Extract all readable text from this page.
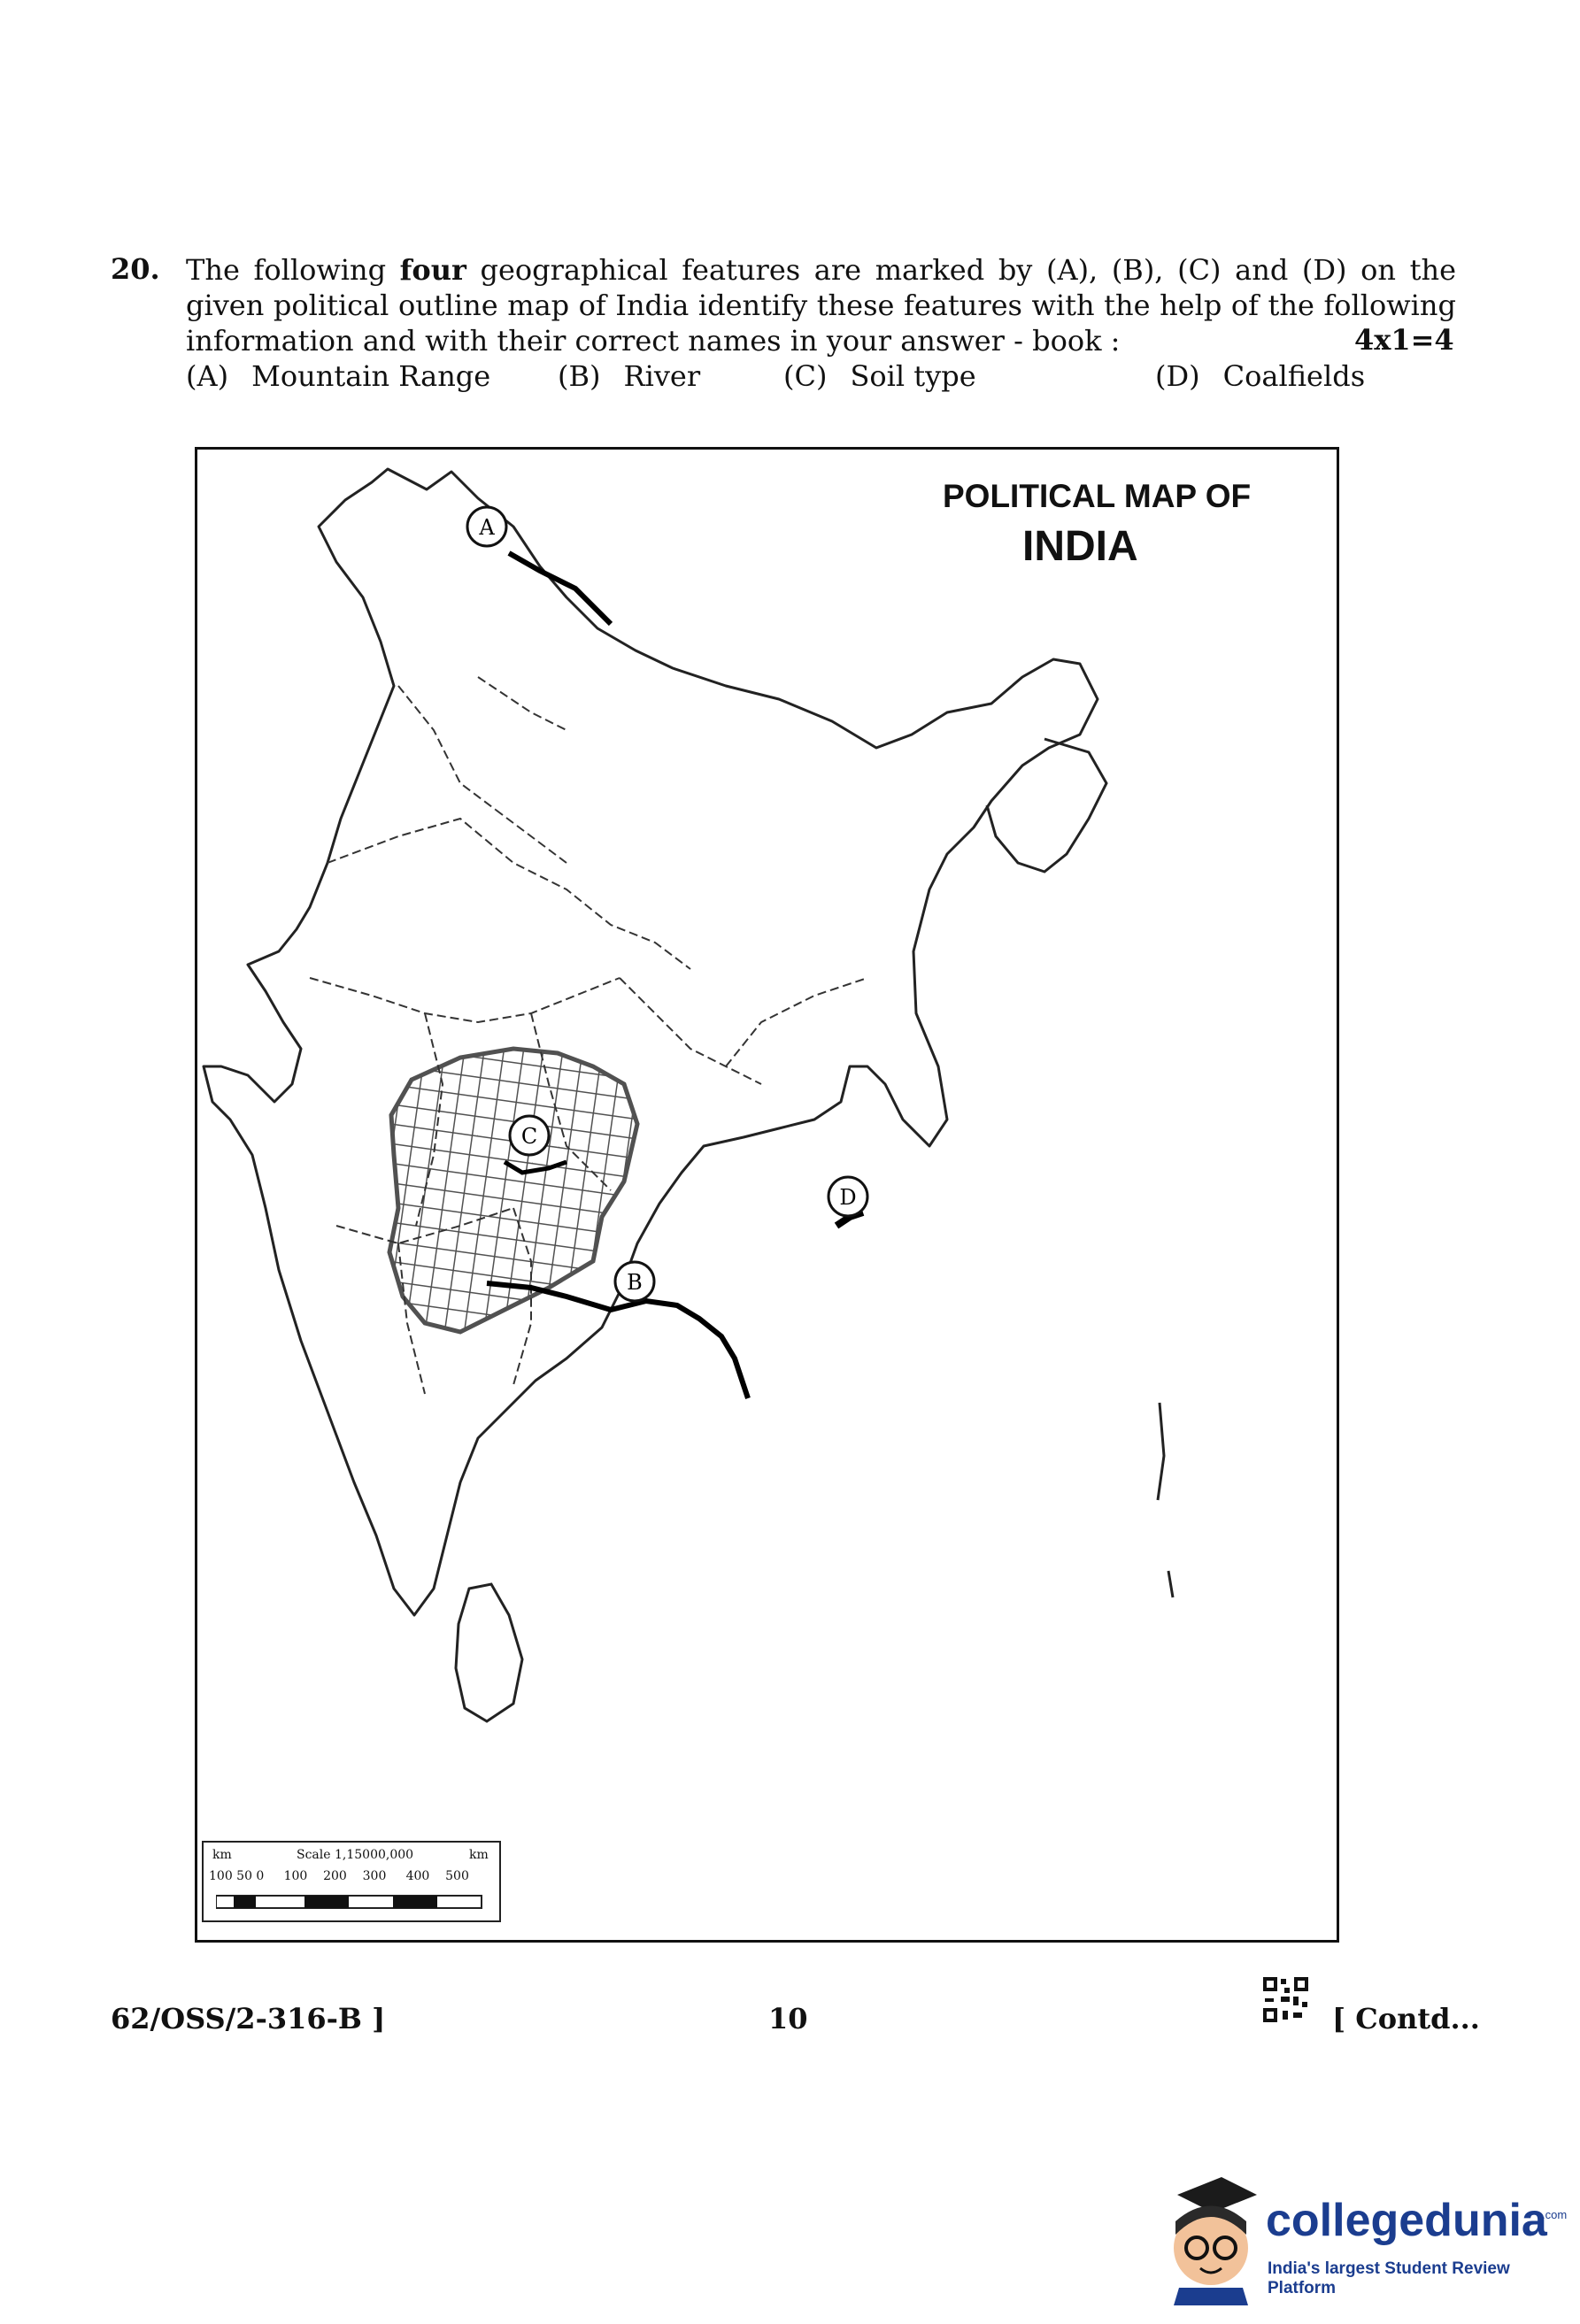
20. The following four geographical features are marked by (A), (B), (C) and (D) on the given political outline map of India identify these features with the help of the following information and with their correct names in your answer - book :	4x1=4
(A) Mountain Range (B) River	(C) Soil type	(D) Coalfields
POLITICAL MAP OF
INDIA
A
B
C
D
km	Scale 1,15000,000	km
100 50 0     100    200    300     400    500
62/OSS/2-316-B ]	10	[ Contd...
collegedunia
.com
India's largest Student Review Platform
